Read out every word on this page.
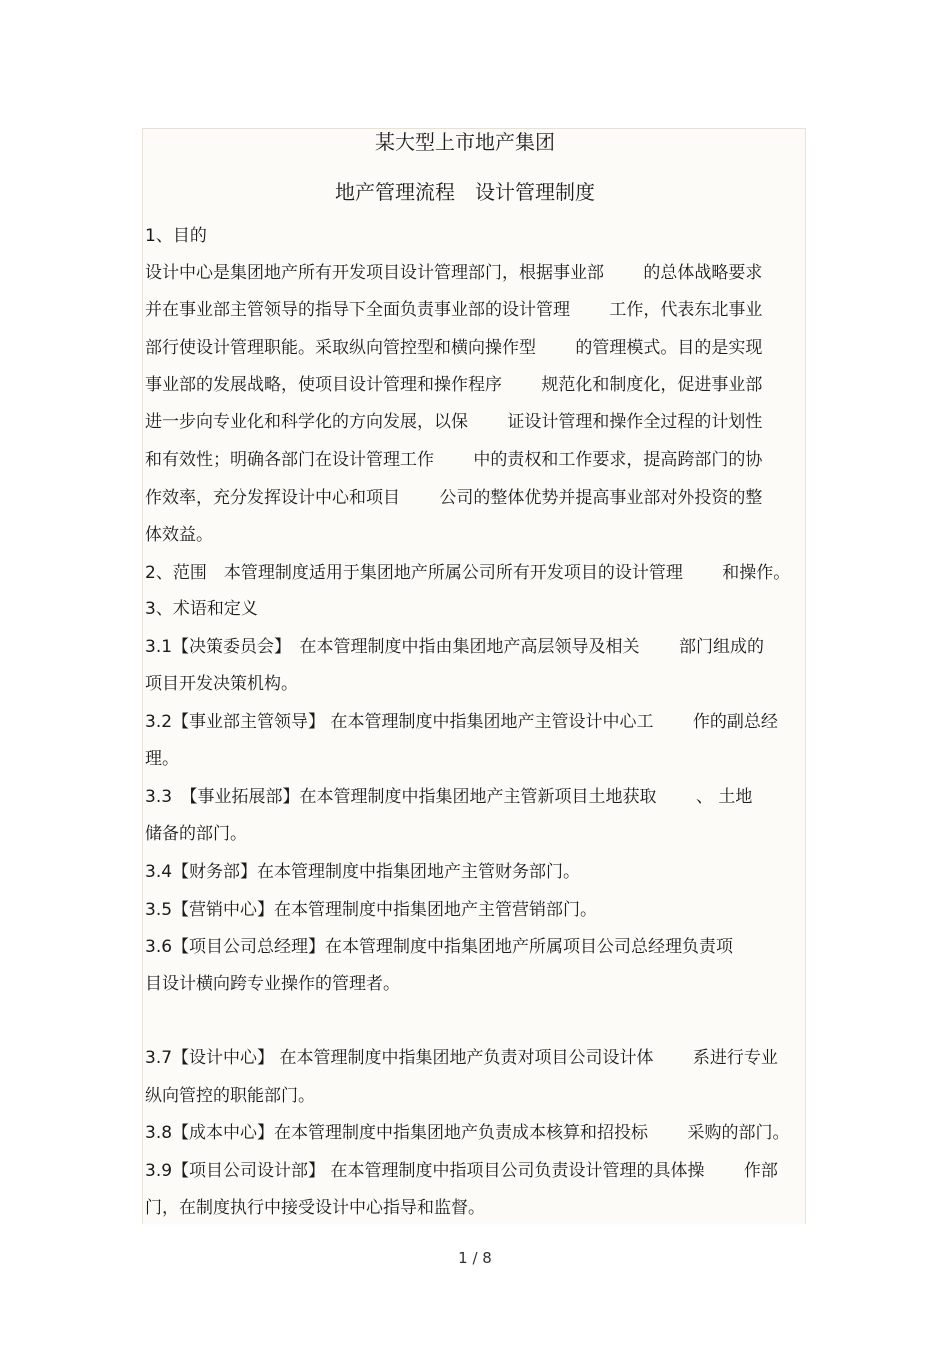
某大型上市地产集团
地产管理流程　设计管理制度
1、目的
设计中心是集团地产所有开发项目设计管理部门，根据事业部　　 的总体战略要求
并在事业部主管领导的指导下全面负责事业部的设计管理　　 工作，代表东北事业
部行使设计管理职能。采取纵向管控型和横向操作型　　 的管理模式。目的是实现
事业部的发展战略，使项目设计管理和操作程序　　 规范化和制度化，促进事业部
进一步向专业化和科学化的方向发展，以保　　 证设计管理和操作全过程的计划性
和有效性；明确各部门在设计管理工作　　 中的责权和工作要求，提高跨部门的协
作效率，充分发挥设计中心和项目　　 公司的整体优势并提高事业部对外投资的整
体效益。
2、范围　本管理制度适用于集团地产所属公司所有开发项目的设计管理　　 和操作。
3、术语和定义
3.1【决策委员会】　在本管理制度中指由集团地产高层领导及相关　　 部门组成的
项目开发决策机构。
3.2【事业部主管领导】 在本管理制度中指集团地产主管设计中心工　　 作的副总经
理。
3.3　【事业拓展部】在本管理制度中指集团地产主管新项目土地获取　　 、 土地
储备的部门。
3.4【财务部】在本管理制度中指集团地产主管财务部门。
3.5【营销中心】在本管理制度中指集团地产主管营销部门。
3.6【项目公司总经理】在本管理制度中指集团地产所属项目公司总经理负责项
目设计横向跨专业操作的管理者。
3.7【设计中心】 在本管理制度中指集团地产负责对项目公司设计体　　 系进行专业
纵向管控的职能部门。
3.8【成本中心】在本管理制度中指集团地产负责成本核算和招投标　　 采购的部门。
3.9【项目公司设计部】 在本管理制度中指项目公司负责设计管理的具体操　　 作部
门，在制度执行中接受设计中心指导和监督。
1 / 8
